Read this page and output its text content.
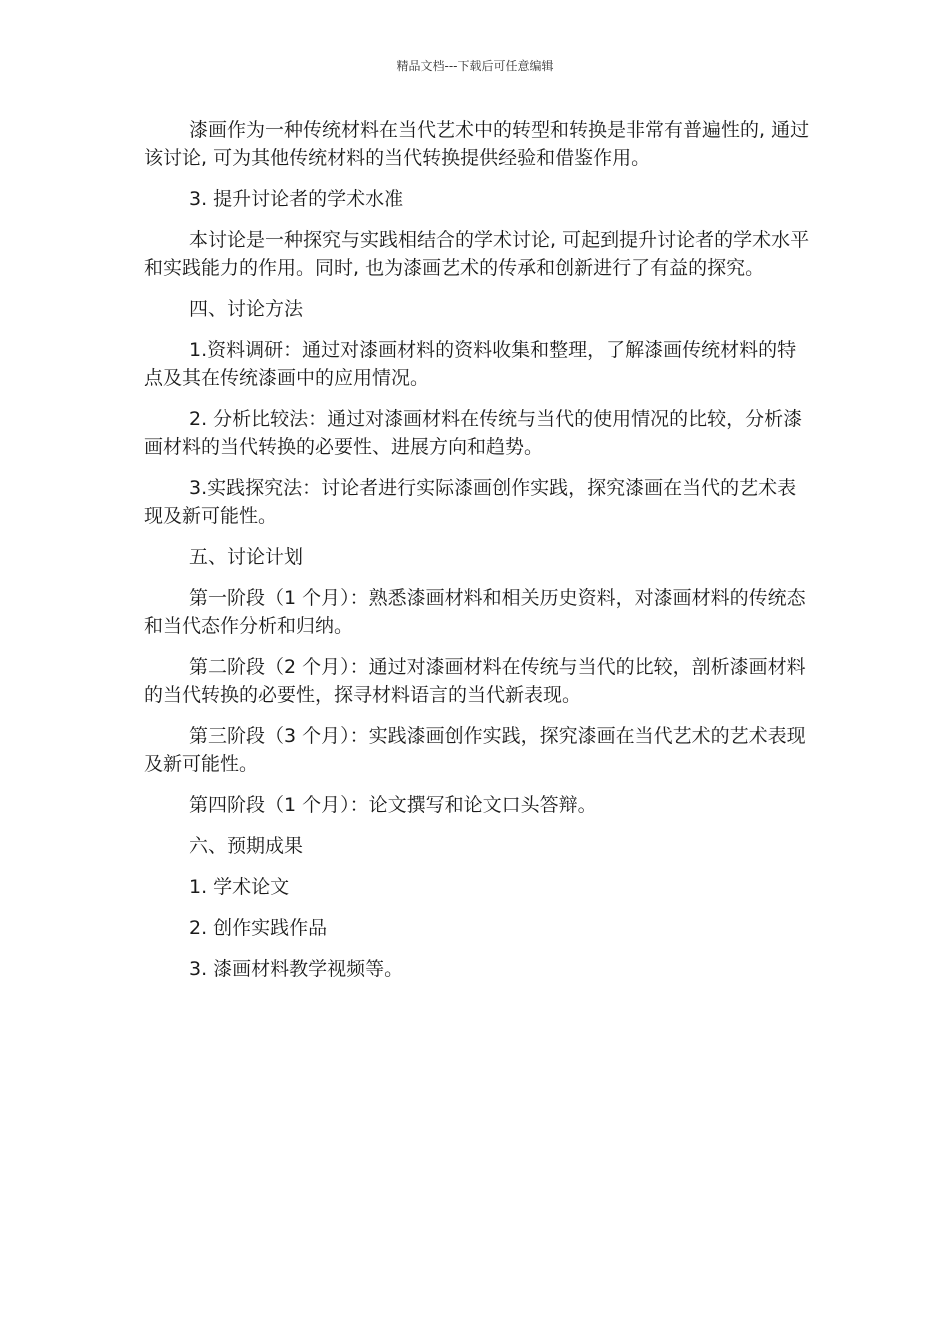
精品文档---下载后可任意编辑

漆画作为一种传统材料在当代艺术中的转型和转换是非常有普遍性的, 通过该讨论, 可为其他传统材料的当代转换提供经验和借鉴作用。

3. 提升讨论者的学术水准

本讨论是一种探究与实践相结合的学术讨论, 可起到提升讨论者的学术水平和实践能力的作用。同时, 也为漆画艺术的传承和创新进行了有益的探究。

四、讨论方法

1.资料调研：通过对漆画材料的资料收集和整理，了解漆画传统材料的特点及其在传统漆画中的应用情况。

2. 分析比较法：通过对漆画材料在传统与当代的使用情况的比较，分析漆画材料的当代转换的必要性、进展方向和趋势。

3.实践探究法：讨论者进行实际漆画创作实践，探究漆画在当代的艺术表现及新可能性。

五、讨论计划

第一阶段（1 个月）：熟悉漆画材料和相关历史资料，对漆画材料的传统态和当代态作分析和归纳。

第二阶段（2 个月）：通过对漆画材料在传统与当代的比较，剖析漆画材料的当代转换的必要性，探寻材料语言的当代新表现。

第三阶段（3 个月）：实践漆画创作实践，探究漆画在当代艺术的艺术表现及新可能性。

第四阶段（1 个月）：论文撰写和论文口头答辩。

六、预期成果

1. 学术论文

2. 创作实践作品

3. 漆画材料教学视频等。
